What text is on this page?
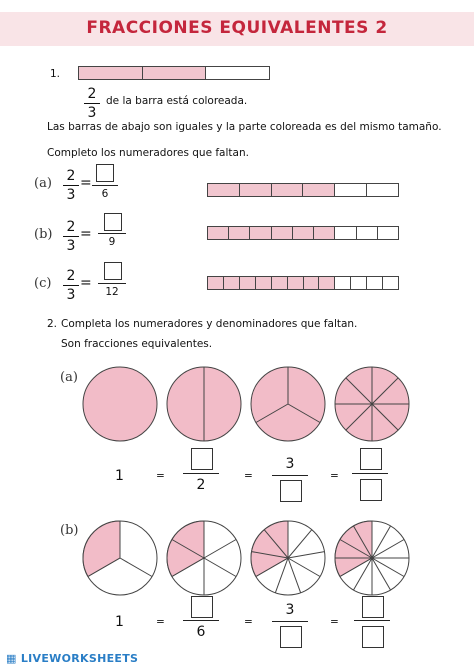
FRACCIONES EQUIVALENTES 2
1.
2
3
de la barra está coloreada.
Las barras de abajo son iguales y la parte coloreada es del mismo tamaño.
Completo los numeradores que faltan.
(a) 2
3
=
6
(b) 2
3
=	9
(c) 2
3
=
12
2. Completa los numeradores y denominadores que faltan.
Son fracciones equivalentes.
(a)
1	=
2
=
3
=
(b)
1	=
6
=
3
=
▦ LIVEWORKSHEETS
